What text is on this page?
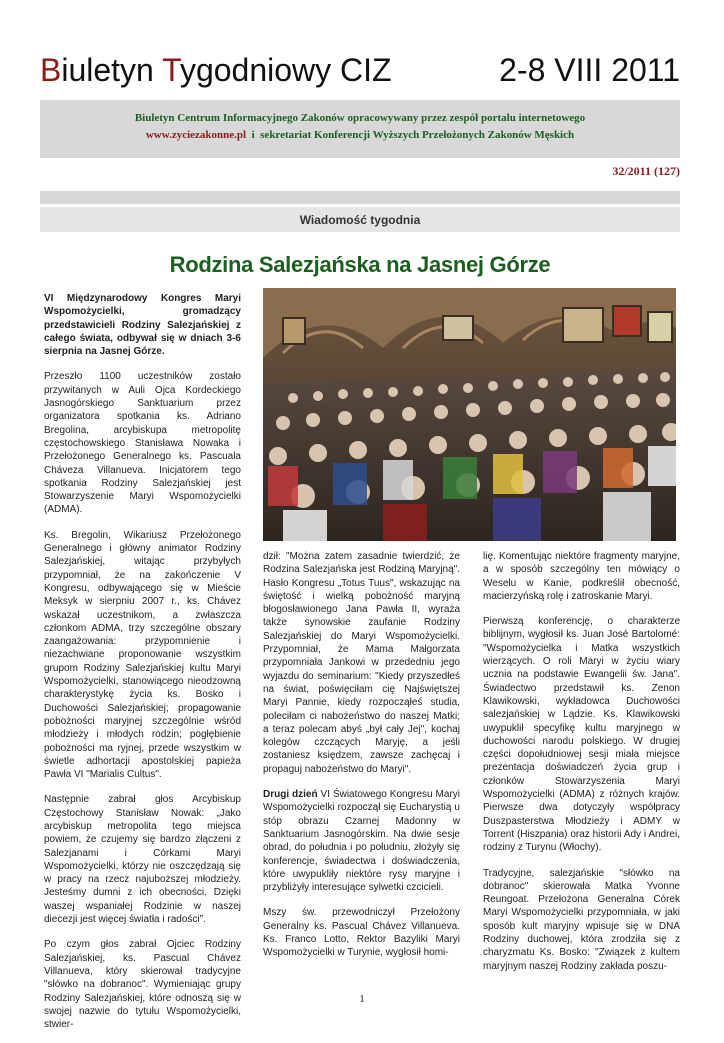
Biuletyn Tygodniowy CIZ	2-8 VIII 2011
Biuletyn Centrum Informacyjnego Zakonów opracowywany przez zespół portalu internetowego
www.zyciezakonne.pl  i  sekretariat Konferencji Wyższych Przełożonych Zakonów Męskich
32/2011 (127)
Wiadomość tygodnia
Rodzina Salezjańska na Jasnej Górze

VI Międzynarodowy Kongres Maryi Wspomożycielki, gromadzący przedstawicieli Rodziny Salezjańskiej z całego świata, odbywał się w dniach 3-6 sierpnia na Jasnej Górze.

Przeszło 1100 uczestników zostało przywitanych w Auli Ojca Kordeckiego Jasnogórskiego Sanktuarium przez organizatora spotkania ks. Adriano Bregolina, arcybiskupa metropolitę częstochowskiego Stanisława Nowaka i Przełożonego Generalnego ks. Pascuala Cháveza Villanueva. Inicjatorem tego spotkania Rodziny Salezjańskiej jest Stowarzyszenie Maryi Wspomożycielki (ADMA).

Ks. Bregolin, Wikariusz Przełożonego Generalnego i główny animator Rodziny Salezjańskiej, witając przybyłych przypomniał, że na zakończenie V Kongresu, odbywającego się w Mieście Meksyk w sierpniu 2007 r., ks. Chávez wskazał uczestnikom, a zwłaszcza członkom ADMA, trzy szczególne obszary zaangażowania: przypomnienie i niezachwiane proponowanie wszystkim grupom Rodziny Salezjańskiej kultu Maryi Wspomożycielki, stanowiącego nieodzowną charakterystykę życia ks. Bosko i Duchowości Salezjańskiej; propagowanie pobożności maryjnej szczególnie wśród młodzieży i młodych rodzin; pogłębienie pobożności ma ryjnej, przede wszystkim w świetle adhortacji apostolskiej papieża Pawła VI "Marialis Cultus".

Następnie zabrał głos Arcybiskup Częstochowy Stanisław Nowak: „Jako arcybiskup metropolita tego miejsca powiem, że czujemy się bardzo złączeni z Salezjanami i Córkami Maryi Wspomożycielki, którzy nie oszczędzają się w pracy na rzecz najuboższej młodzieży. Jesteśmy dumni z ich obecności. Dzięki waszej wspaniałej Rodzinie w naszej diecezji jest więcej światła i radości”.

Po czym głos zabrał Ojciec Rodziny Salezjańskiej, ks. Pascual Chávez Villanueva, który skierował tradycyjne "słówko na dobranoc". Wymieniając grupy Rodziny Salezjańskiej, które odnoszą się w swojej nazwie do tytułu Wspomożycielki, stwier-

dził: "Można zatem zasadnie twierdzić, że Rodzina Salezjańska jest Rodziną Maryjną". Hasło Kongresu „Totus Tuus", wskazując na świętość i wielką pobożność maryjną błogosławionego Jana Pawła II, wyraża także synowskie zaufanie Rodziny Salezjańskiej do Maryi Wspomożycielki. Przypomniał, że Mama Małgorzata przypomniała Jankowi w przededniu jego wyjazdu do seminarium: "Kiedy przyszedłeś na świat, poświęciłam cię Najświętszej Maryi Pannie, kiedy rozpocząłeś studia, poleciłam ci nabożeństwo do naszej Matki; a teraz polecam abyś „był cały Jej", kochaj kolegów czczących Maryję, a jeśli zostaniesz księdzem, zawsze zachęcaj i propaguj nabożeństwo do Maryi".

Drugi dzień VI Światowego Kongresu Maryi Wspomożycielki rozpoczął się Eucharystią u stóp obrazu Czarnej Madonny w Sanktuarium Jasnogórskim. Na dwie sesje obrad, do południa i po południu, złożyły się konferencje, świadectwa i doświadczenia, które uwypukliły niektóre rysy maryjne i przybliżyły interesujące sylwetki czcicieli.

Mszy św. przewodniczył Przełożony Generalny ks. Pascual Chávez Villanueva. Ks. Franco Lotto, Rektor Bazyliki Maryi Wspomożycielki w Turynie, wygłosił homi-

lię. Komentując niektóre fragmenty maryjne, a w sposób szczególny ten mówiący o Weselu w Kanie, podkreślił obecność, macierzyńską rolę i zatroskanie Maryi.

Pierwszą konferencję, o charakterze biblijnym, wygłosił ks. Juan José Bartolomé: "Wspomożycielka i Matka wszystkich wierzących. O roli Maryi w życiu wiary ucznia na podstawie Ewangelii św. Jana". Świadectwo przedstawił ks. Zenon Klawikowski, wykładowca Duchowości salezjańskiej w Lądzie. Ks. Klawikowski uwypuklił specyfikę kultu maryjnego w duchowości narodu polskiego. W drugiej części dopołudniowej sesji miała miejsce prezentacja doświadczeń życia grup i członków Stowarzyszenia Maryi Wspomożycielki (ADMA) z różnych krajów. Pierwsze dwa dotyczyły współpracy Duszpasterstwa Młodzieży i ADMY w Torrent (Hiszpania) oraz historii Ady i Andrei, rodziny z Turynu (Włochy).

Tradycyjne, salezjańskie "słówko na dobranoc" skierowała Matka Yvonne Reungoat. Przełożona Generalna Córek Maryi Wspomożycielki przypomniała, w jaki sposób kult maryjny wpisuje się w DNA Rodziny duchowej, która zrodziła się z charyzmatu Ks. Bosko: "Związek z kultem maryjnym naszej Rodziny zakłada poszu-

1
